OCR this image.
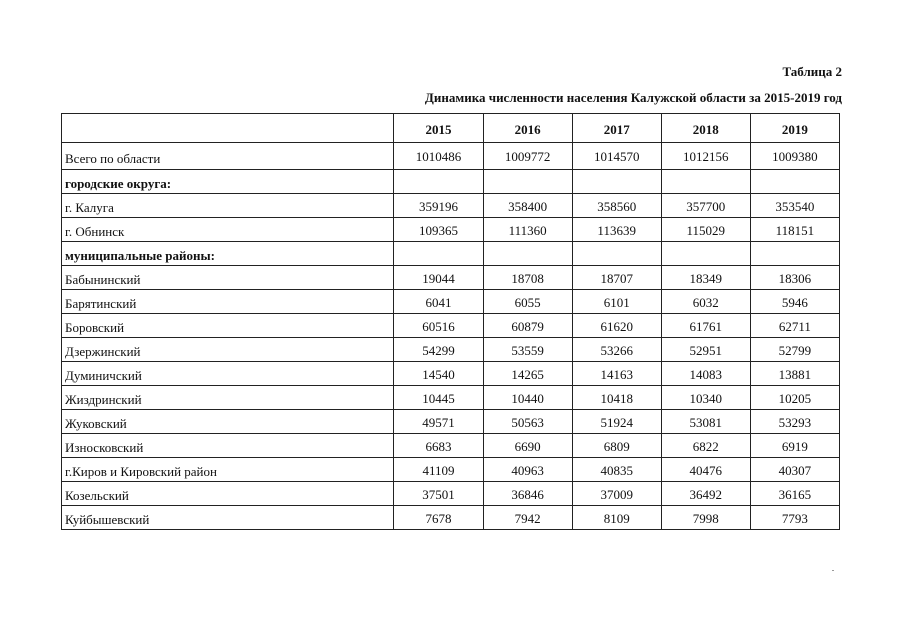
Таблица 2
Динамика численности населения Калужской области за 2015-2019 год
	2015	2016	2017	2018	2019
Всего по области	1010486	1009772	1014570	1012156	1009380
городские округа:					
г. Калуга	359196	358400	358560	357700	353540
г. Обнинск	109365	111360	113639	115029	118151
муниципальные районы:					
Бабынинский	19044	18708	18707	18349	18306
Барятинский	6041	6055	6101	6032	5946
Боровский	60516	60879	61620	61761	62711
Дзержинский	54299	53559	53266	52951	52799
Думиничский	14540	14265	14163	14083	13881
Жиздринский	10445	10440	10418	10340	10205
Жуковский	49571	50563	51924	53081	53293
Износковский	6683	6690	6809	6822	6919
г.Киров и Кировский район	41109	40963	40835	40476	40307
Козельский	37501	36846	37009	36492	36165
Куйбышевский	7678	7942	8109	7998	7793
